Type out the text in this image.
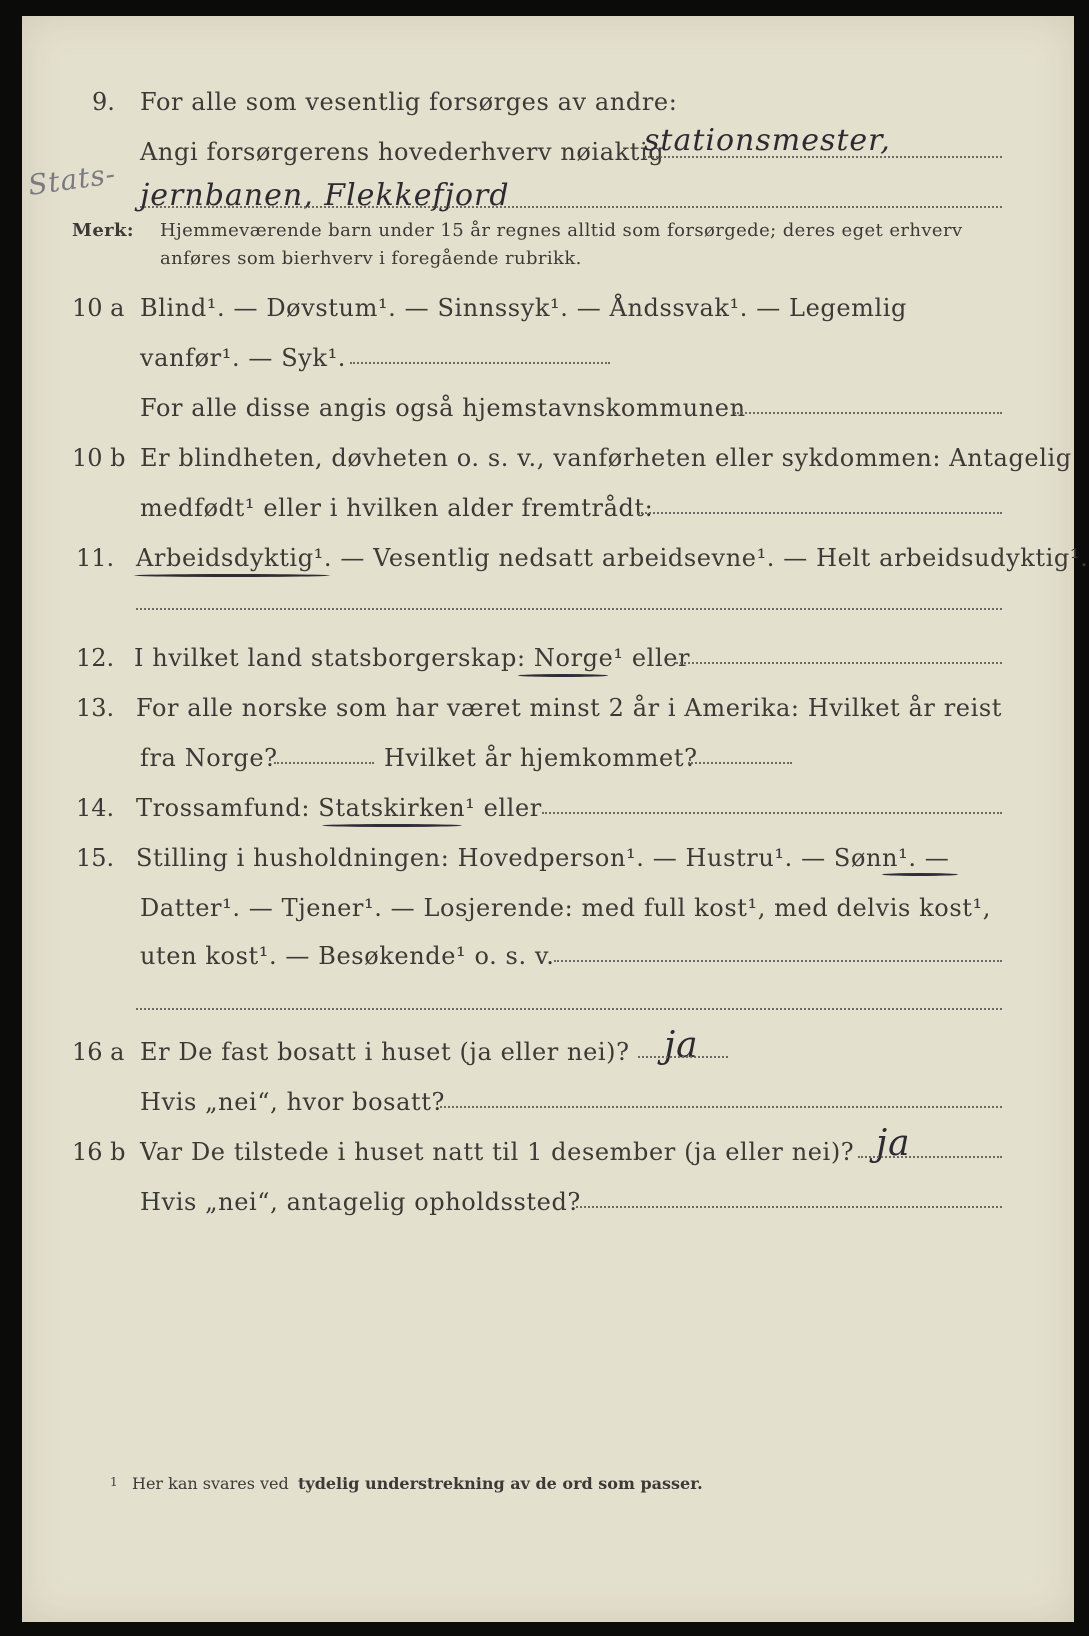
9. For alle som vesentlig forsørges av andre:
Angi forsørgerens hovederhverv nøiaktig
stationsmester,
Stats- jernbanen, Flekkefjord
Merk: Hjemmeværende barn under 15 år regnes alltid som forsørgede; deres eget erhverv
anføres som bierhverv i foregående rubrikk.
10 a Blind¹. — Døvstum¹. — Sinnssyk¹. — Åndssvak¹. — Legemlig
vanfør¹. — Syk¹.
For alle disse angis også hjemstavnskommunen
10 b Er blindheten, døvheten o. s. v., vanførheten eller sykdommen: Antagelig
medfødt¹ eller i hvilken alder fremtrådt:
11. Arbeidsdyktig¹. — Vesentlig nedsatt arbeidsevne¹. — Helt arbeidsudyktig¹.
12. I hvilket land statsborgerskap: Norge¹ eller
13. For alle norske som har været minst 2 år i Amerika: Hvilket år reist
fra Norge?	Hvilket år hjemkommet?
14. Trossamfund: Statskirken¹ eller
15. Stilling i husholdningen: Hovedperson¹. — Hustru¹. — Sønn¹. —
Datter¹. — Tjener¹. — Losjerende: med full kost¹, med delvis kost¹,
uten kost¹. — Besøkende¹ o. s. v.
16 a Er De fast bosatt i huset (ja eller nei)? ja
Hvis „nei“, hvor bosatt?
16 b Var De tilstede i huset natt til 1 desember (ja eller nei)? ja
Hvis „nei“, antagelig opholdssted?
1 Her kan svares ved tydelig understrekning av de ord som passer.
